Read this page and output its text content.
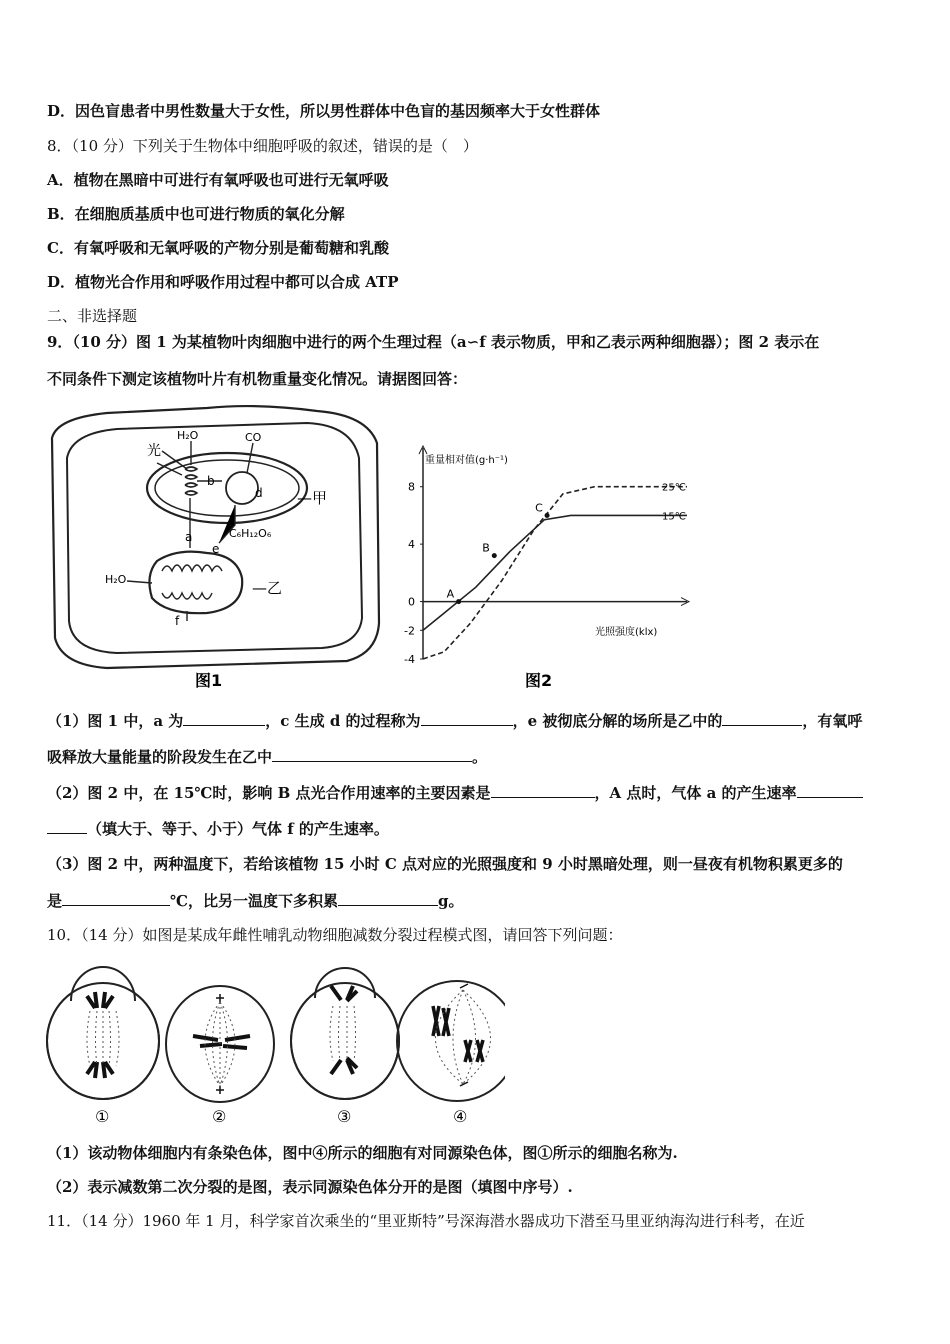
D．因色盲患者中男性数量大于女性，所以男性群体中色盲的基因频率大于女性群体
8．（10 分）下列关于生物体中细胞呼吸的叙述，错误的是（　）
A．植物在黑暗中可进行有氧呼吸也可进行无氧呼吸
B．在细胞质基质中也可进行物质的氧化分解
C．有氧呼吸和无氧呼吸的产物分别是葡萄糖和乳酸
D．植物光合作用和呼吸作用过程中都可以合成 ATP
二、非选择题
9．（10 分）图 1 为某植物叶肉细胞中进行的两个生理过程（a∽f 表示物质，甲和乙表示两种细胞器）；图 2 表示在
不同条件下测定该植物叶片有机物重量变化情况。请据图回答：
光
H₂O	CO
b
d —甲
a	C₆H₁₂O₆
e
H₂O	—乙
f
图1
重量相对值(g·h⁻¹)
光照强度(klx)
图2
8
4
0
-2
-4
25℃
15℃
A
B
C
（1）图 1 中，a 为	，c 生成 d 的过程称为	，e 被彻底分解的场所是乙中的	，有氧呼
吸释放大量能量的阶段发生在乙中	。
（2）图 2 中，在 15℃时，影响 B 点光合作用速率的主要因素是	，A 点时，气体 a 的产生速率
（填大于、等于、小于）气体 f 的产生速率。
（3）图 2 中，两种温度下，若给该植物 15 小时 C 点对应的光照强度和 9 小时黑暗处理，则一昼夜有机物积累更多的
是	℃，比另一温度下多积累	g。
10．（14 分）如图是某成年雌性哺乳动物细胞减数分裂过程模式图，请回答下列问题：
①	②	③	④
（1）该动物体细胞内有条染色体，图中④所示的细胞有对同源染色体，图①所示的细胞名称为.
（2）表示减数第二次分裂的是图，表示同源染色体分开的是图（填图中序号）.
11．（14 分）1960 年 1 月，科学家首次乘坐的“里亚斯特”号深海潜水器成功下潜至马里亚纳海沟进行科考，在近
